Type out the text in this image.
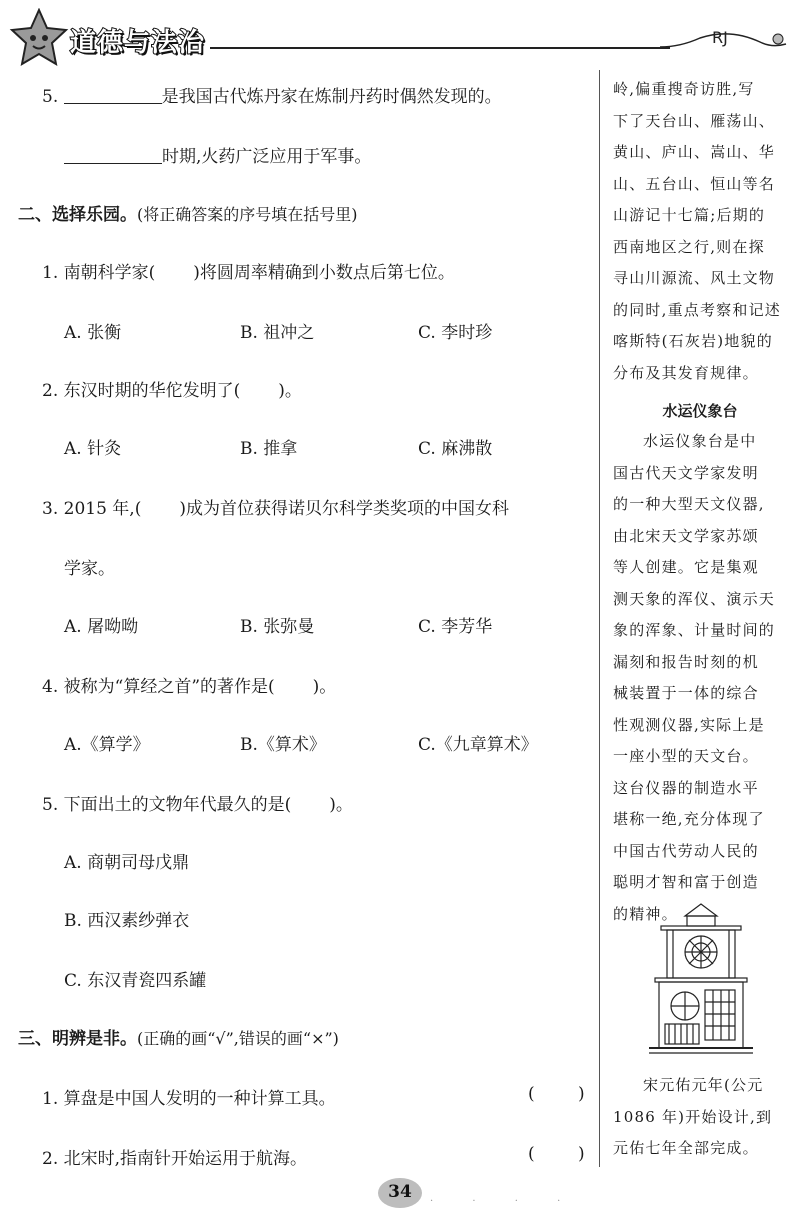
道德与法治	RJ
5.	是我国古代炼丹家在炼制丹药时偶然发现的。
时期,火药广泛应用于军事。
二、选择乐园。(将正确答案的序号填在括号里)
1. 南朝科学家( )将圆周率精确到小数点后第七位。
A. 张衡	B. 祖冲之	C. 李时珍
2. 东汉时期的华佗发明了( )。
A. 针灸	B. 推拿	C. 麻沸散
3. 2015 年,( )成为首位获得诺贝尔科学类奖项的中国女科
学家。
A. 屠呦呦	B. 张弥曼	C. 李芳华
4. 被称为“算经之首”的著作是( )。
A.《算学》	B.《算术》	C.《九章算术》
5. 下面出土的文物年代最久的是( )。
A. 商朝司母戊鼎
B. 西汉素纱弹衣
C. 东汉青瓷四系罐
三、明辨是非。(正确的画“√”,错误的画“×”)
1. 算盘是中国人发明的一种计算工具。	(	)
2. 北宋时,指南针开始运用于航海。	(	)
岭,偏重搜奇访胜,写
下了天台山、雁荡山、
黄山、庐山、嵩山、华
山、五台山、恒山等名
山游记十七篇;后期的
西南地区之行,则在探
寻山川源流、风土文物
的同时,重点考察和记述
喀斯特(石灰岩)地貌的
分布及其发育规律。
水运仪象台
水运仪象台是中
国古代天文学家发明
的一种大型天文仪器,
由北宋天文学家苏颂
等人创建。它是集观
测天象的浑仪、演示天
象的浑象、计量时间的
漏刻和报告时刻的机
械装置于一体的综合
性观测仪器,实际上是
一座小型的天文台。
这台仪器的制造水平
堪称一绝,充分体现了
中国古代劳动人民的
聪明才智和富于创造
的精神。
宋元佑元年(公元
1086 年)开始设计,到
元佑七年全部完成。
34	· · · ·
